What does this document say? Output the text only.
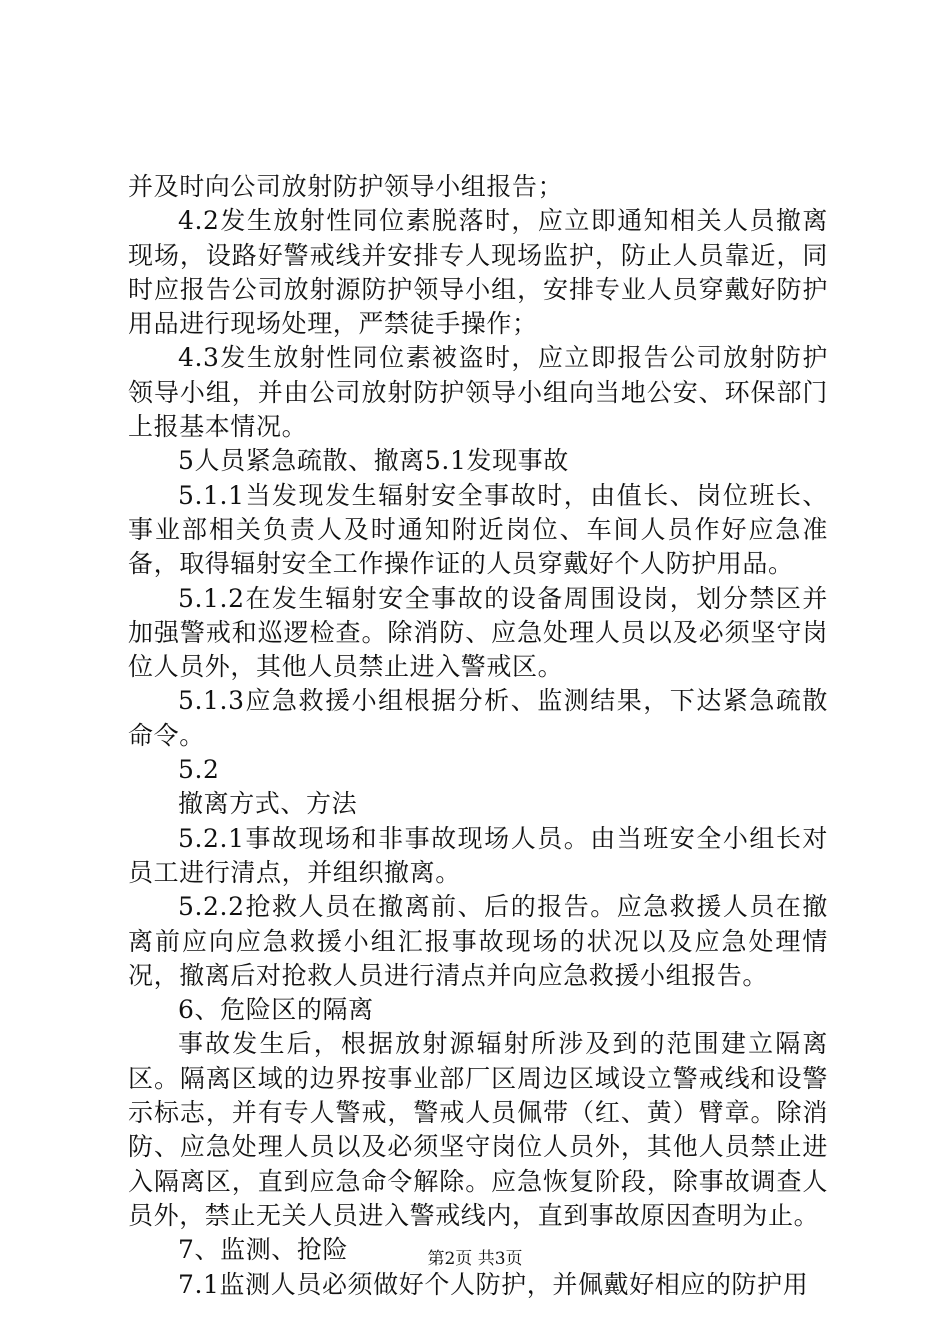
并及时向公司放射防护领导小组报告；

4.2发生放射性同位素脱落时，应立即通知相关人员撤离现场，设路好警戒线并安排专人现场监护，防止人员靠近，同时应报告公司放射源防护领导小组，安排专业人员穿戴好防护用品进行现场处理，严禁徒手操作；

4.3发生放射性同位素被盗时，应立即报告公司放射防护领导小组，并由公司放射防护领导小组向当地公安、环保部门上报基本情况。

5人员紧急疏散、撤离5.1发现事故

5.1.1当发现发生辐射安全事故时，由值长、岗位班长、事业部相关负责人及时通知附近岗位、车间人员作好应急准备，取得辐射安全工作操作证的人员穿戴好个人防护用品。

5.1.2在发生辐射安全事故的设备周围设岗，划分禁区并加强警戒和巡逻检查。除消防、应急处理人员以及必须坚守岗位人员外，其他人员禁止进入警戒区。

5.1.3应急救援小组根据分析、监测结果，下达紧急疏散命令。

5.2

撤离方式、方法

5.2.1事故现场和非事故现场人员。由当班安全小组长对员工进行清点，并组织撤离。

5.2.2抢救人员在撤离前、后的报告。应急救援人员在撤离前应向应急救援小组汇报事故现场的状况以及应急处理情况，撤离后对抢救人员进行清点并向应急救援小组报告。

6、危险区的隔离

事故发生后，根据放射源辐射所涉及到的范围建立隔离区。隔离区域的边界按事业部厂区周边区域设立警戒线和设警示标志，并有专人警戒，警戒人员佩带（红、黄）臂章。除消防、应急处理人员以及必须坚守岗位人员外，其他人员禁止进入隔离区，直到应急命令解除。应急恢复阶段，除事故调查人员外，禁止无关人员进入警戒线内，直到事故原因查明为止。

7、监测、抢险

7.1监测人员必须做好个人防护，并佩戴好相应的防护用

第2页 共3页
